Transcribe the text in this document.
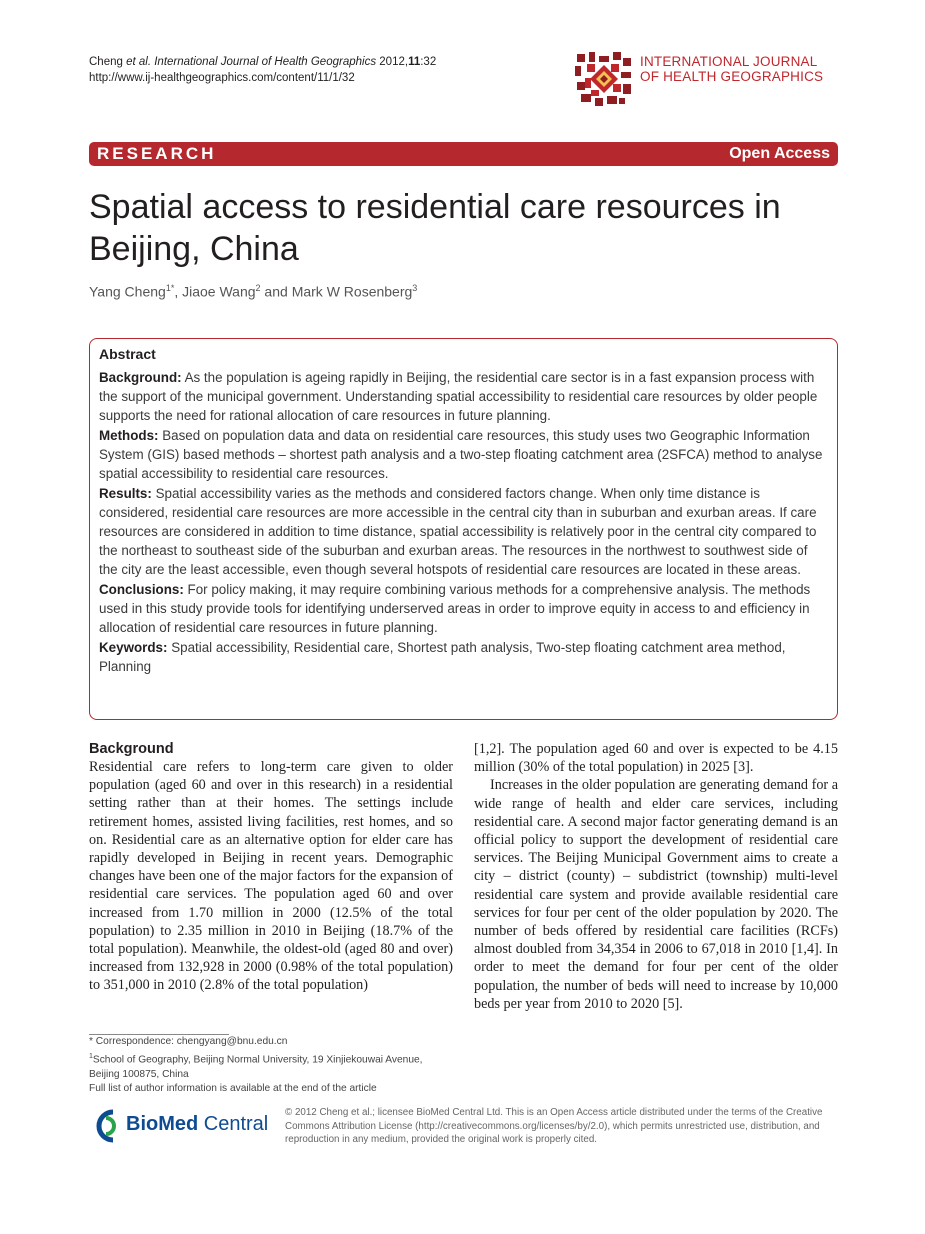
Cheng et al. International Journal of Health Geographics 2012,11:32
http://www.ij-healthgeographics.com/content/11/1/32
INTERNATIONAL JOURNAL
OF HEALTH GEOGRAPHICS
RESEARCH	Open Access
Spatial access to residential care resources in Beijing, China
Yang Cheng$^{1*}$, Jiaoe Wang$^2$ and Mark W Rosenberg$^3$
Abstract

Background: As the population is ageing rapidly in Beijing, the residential care sector is in a fast expansion process with the support of the municipal government. Understanding spatial accessibility to residential care resources by older people supports the need for rational allocation of care resources in future planning.

Methods: Based on population data and data on residential care resources, this study uses two Geographic Information System (GIS) based methods – shortest path analysis and a two-step floating catchment area (2SFCA) method to analyse spatial accessibility to residential care resources.

Results: Spatial accessibility varies as the methods and considered factors change. When only time distance is considered, residential care resources are more accessible in the central city than in suburban and exurban areas. If care resources are considered in addition to time distance, spatial accessibility is relatively poor in the central city compared to the northeast to southeast side of the suburban and exurban areas. The resources in the northwest to southwest side of the city are the least accessible, even though several hotspots of residential care resources are located in these areas.

Conclusions: For policy making, it may require combining various methods for a comprehensive analysis. The methods used in this study provide tools for identifying underserved areas in order to improve equity in access to and efficiency in allocation of residential care resources in future planning.

Keywords: Spatial accessibility, Residential care, Shortest path analysis, Two-step floating catchment area method, Planning

Background

Residential care refers to long-term care given to older population (aged 60 and over in this research) in a residential setting rather than at their homes. The settings include retirement homes, assisted living facilities, rest homes, and so on. Residential care as an alternative option for elder care has rapidly developed in Beijing in recent years. Demographic changes have been one of the major factors for the expansion of residential care services. The population aged 60 and over increased from 1.70 million in 2000 (12.5% of the total population) to 2.35 million in 2010 in Beijing (18.7% of the total population). Meanwhile, the oldest-old (aged 80 and over) increased from 132,928 in 2000 (0.98% of the total population) to 351,000 in 2010 (2.8% of the total population)

[1,2]. The population aged 60 and over is expected to be 4.15 million (30% of the total population) in 2025 [3].

Increases in the older population are generating demand for a wide range of health and elder care services, including residential care. A second major factor generating demand is an official policy to support the development of residential care services. The Beijing Municipal Government aims to create a city – district (county) – subdistrict (township) multi-level residential care system and provide available residential care services for four per cent of the older population by 2020. The number of beds offered by residential care facilities (RCFs) almost doubled from 34,354 in 2006 to 67,018 in 2010 [1,4]. In order to meet the demand for four per cent of the older population, the number of beds will need to increase by 10,000 beds per year from 2010 to 2020 [5].

* Correspondence: chengyang@bnu.edu.cn

$^1$School of Geography, Beijing Normal University, 19 Xinjiekouwai Avenue, Beijing 100875, China

Full list of author information is available at the end of the article

BioMed Central
© 2012 Cheng et al.; licensee BioMed Central Ltd. This is an Open Access article distributed under the terms of the Creative Commons Attribution License (http://creativecommons.org/licenses/by/2.0), which permits unrestricted use, distribution, and reproduction in any medium, provided the original work is properly cited.
